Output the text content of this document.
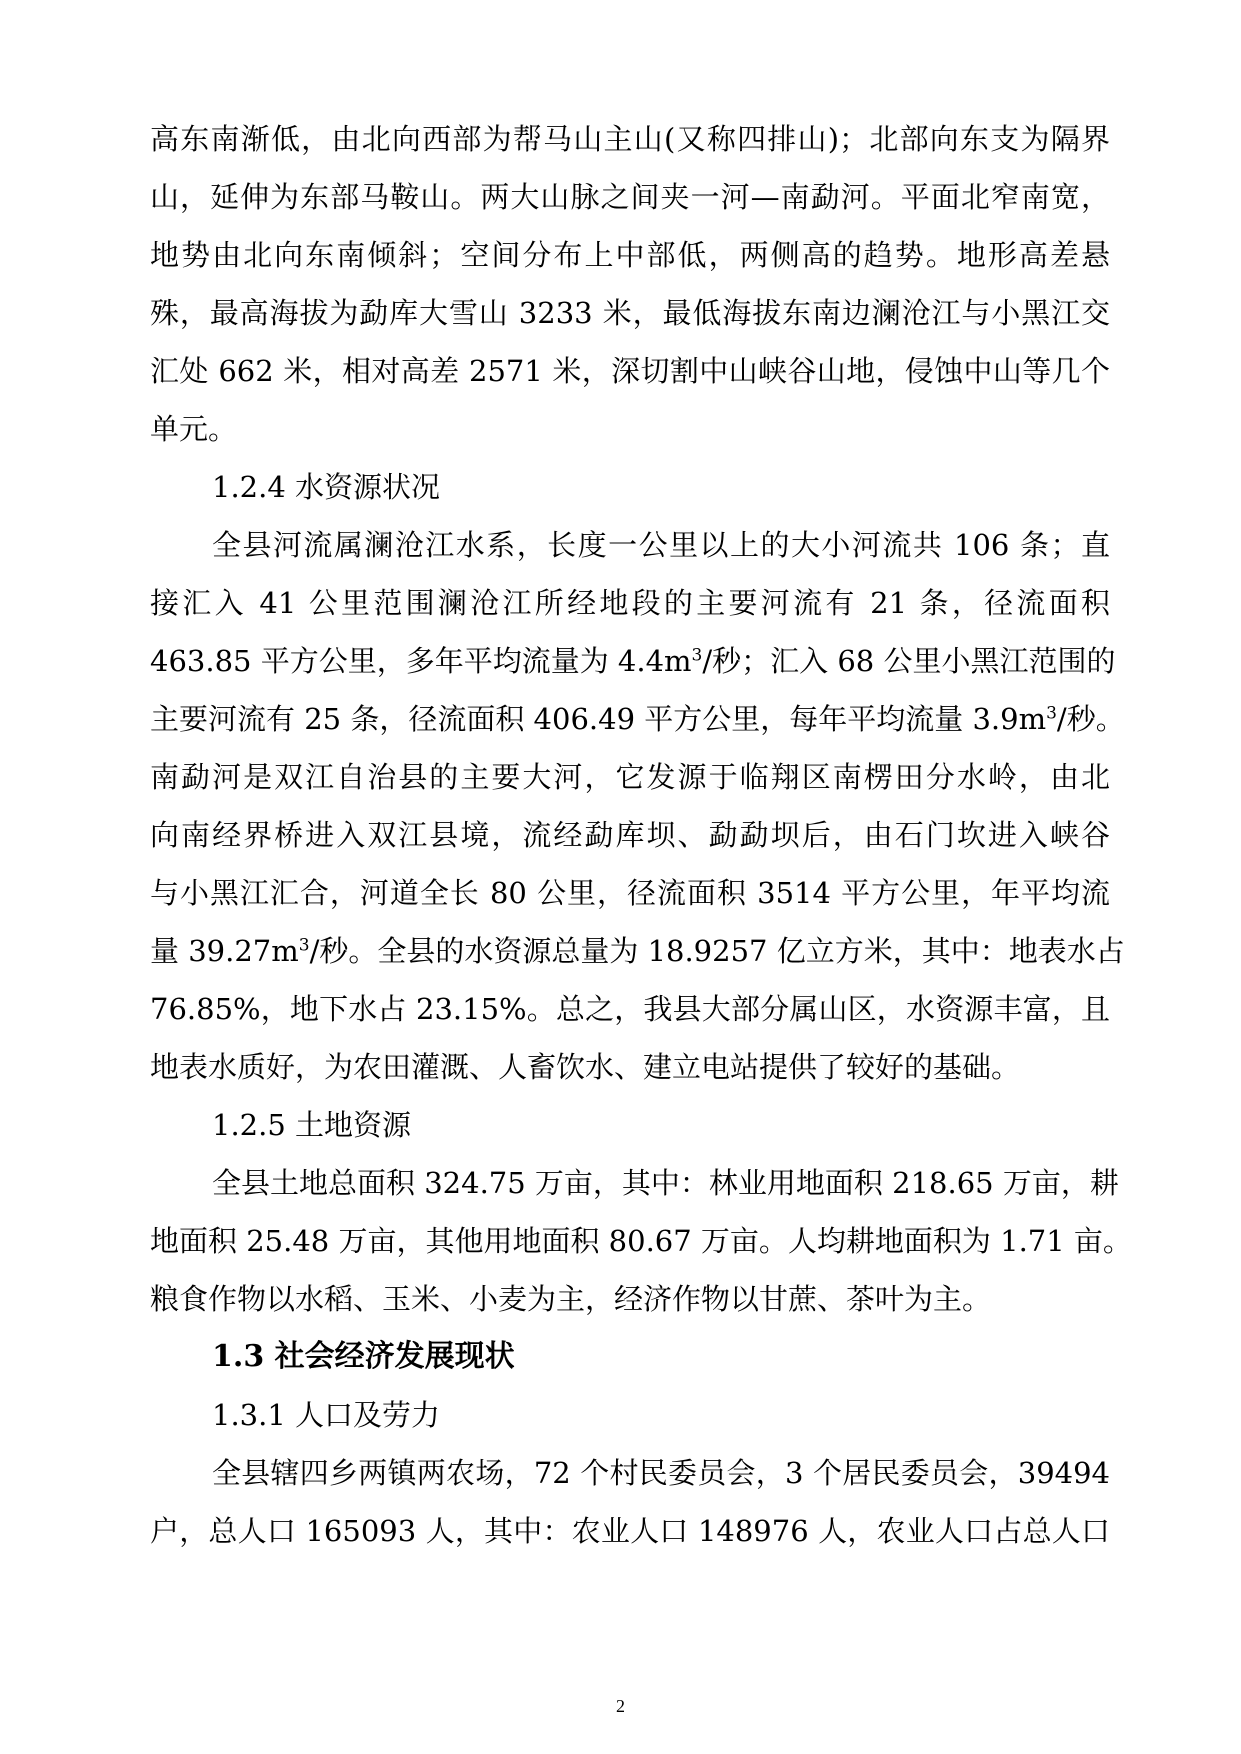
高东南渐低，由北向西部为帮马山主山(又称四排山)；北部向东支为隔界
山，延伸为东部马鞍山。两大山脉之间夹一河—南勐河。平面北窄南宽，
地势由北向东南倾斜；空间分布上中部低，两侧高的趋势。地形高差悬
殊，最高海拔为勐库大雪山 3233 米，最低海拔东南边澜沧江与小黑江交
汇处 662 米，相对高差 2571 米，深切割中山峡谷山地，侵蚀中山等几个
单元。
1.2.4 水资源状况
全县河流属澜沧江水系，长度一公里以上的大小河流共 106 条；直
接汇入 41 公里范围澜沧江所经地段的主要河流有 21 条，径流面积
463.85 平方公里，多年平均流量为 $4.4m^3/$秒；汇入 68 公里小黑江范围的
主要河流有 25 条，径流面积 406.49 平方公里，每年平均流量 $3.9m^3/$秒。
南勐河是双江自治县的主要大河，它发源于临翔区南楞田分水岭，由北
向南经界桥进入双江县境，流经勐库坝、勐勐坝后，由石门坎进入峡谷
与小黑江汇合，河道全长 80 公里，径流面积 3514 平方公里，年平均流
量 $39.27m^3/$秒。全县的水资源总量为 18.9257 亿立方米，其中：地表水占
76.85%，地下水占 23.15%。总之，我县大部分属山区，水资源丰富，且
地表水质好，为农田灌溉、人畜饮水、建立电站提供了较好的基础。
1.2.5 土地资源
全县土地总面积 324.75 万亩，其中：林业用地面积 218.65 万亩，耕
地面积 25.48 万亩，其他用地面积 80.67 万亩。人均耕地面积为 1.71 亩。
粮食作物以水稻、玉米、小麦为主，经济作物以甘蔗、茶叶为主。
1.3 社会经济发展现状
1.3.1 人口及劳力
全县辖四乡两镇两农场，72 个村民委员会，3 个居民委员会，39494
户，总人口 165093 人，其中：农业人口 148976 人，农业人口占总人口
2
